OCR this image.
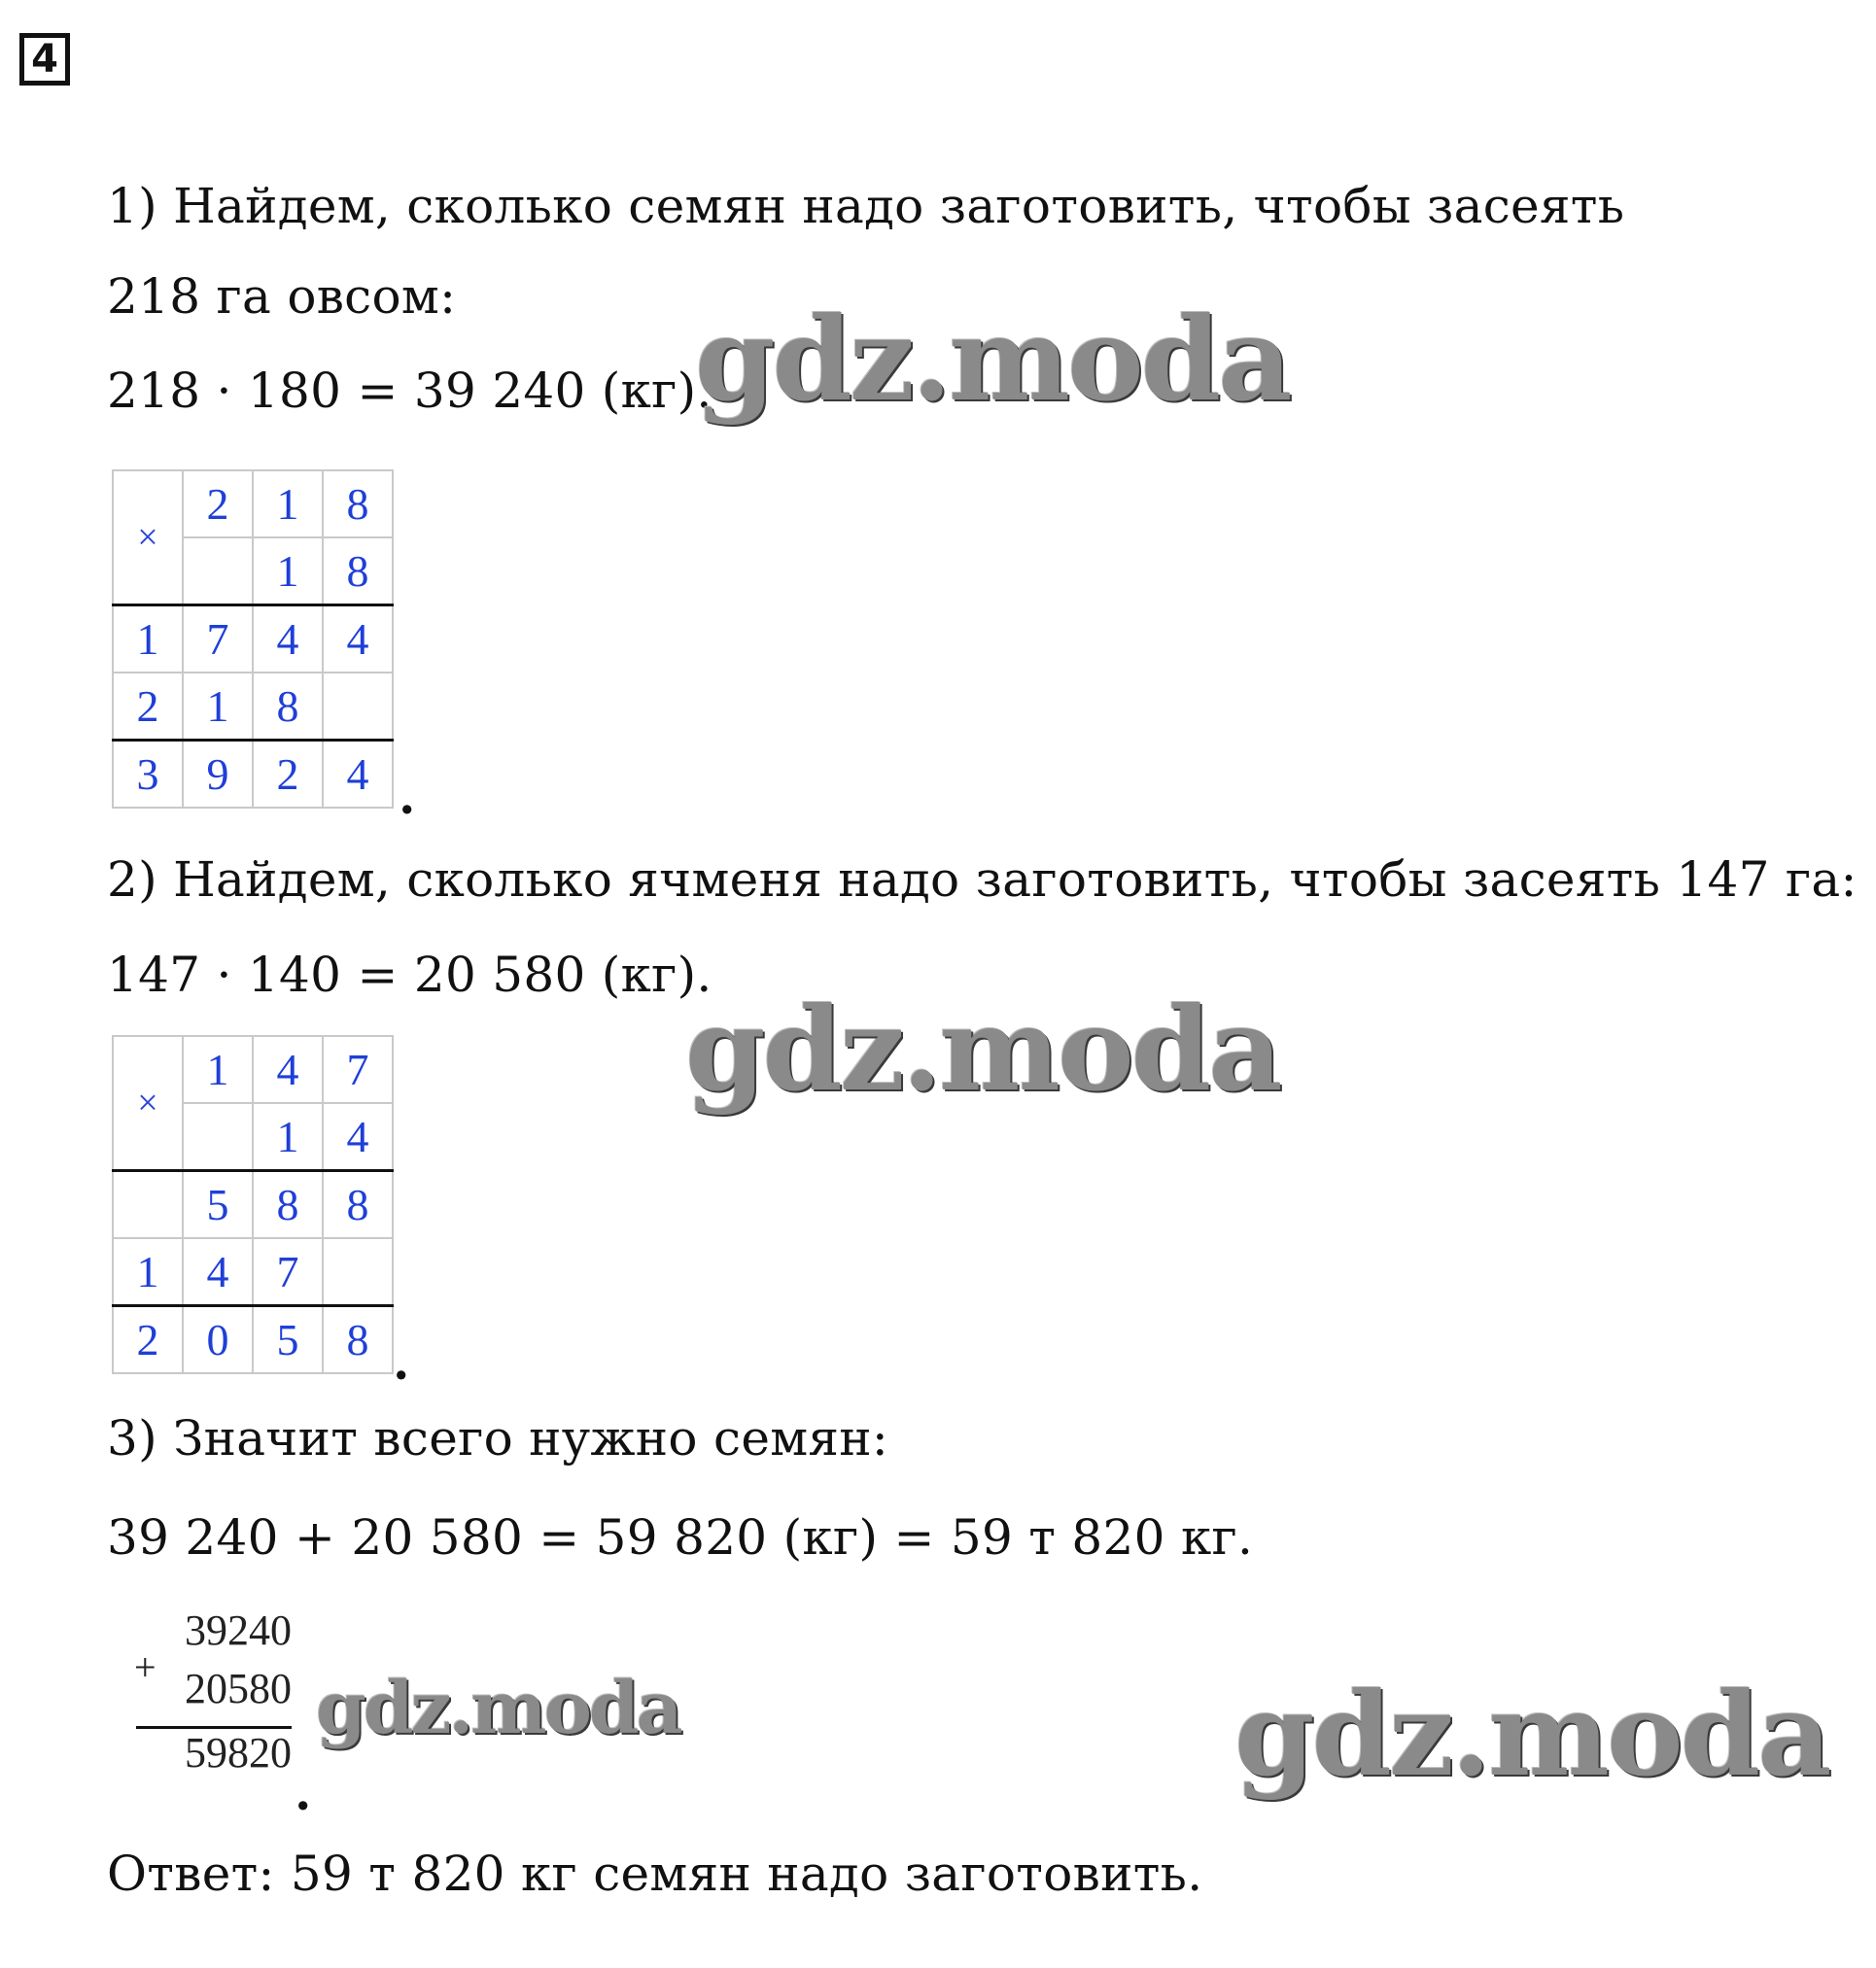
4
1) Найдем, сколько семян надо заготовить, чтобы засеять
218 га овсом:
218 · 180 = 39 240 (кг).
×	2	1	8
		1	8
1	7	4	4
2	1	8	
3	9	2	4 .
2) Найдем, сколько ячменя надо заготовить, чтобы засеять 147 га:
147 · 140 = 20 580 (кг).
×	1	4	7
		1	4
	5	8	8
1	4	7	
2	0	5	8 .
3) Значит всего нужно семян:
39 240 + 20 580 = 59 820 (кг) = 59 т 820 кг.
+
39240
20580
59820
.
Ответ: 59 т 820 кг семян надо заготовить.
gdz.moda
gdz.moda
gdz.moda	gdz.moda
